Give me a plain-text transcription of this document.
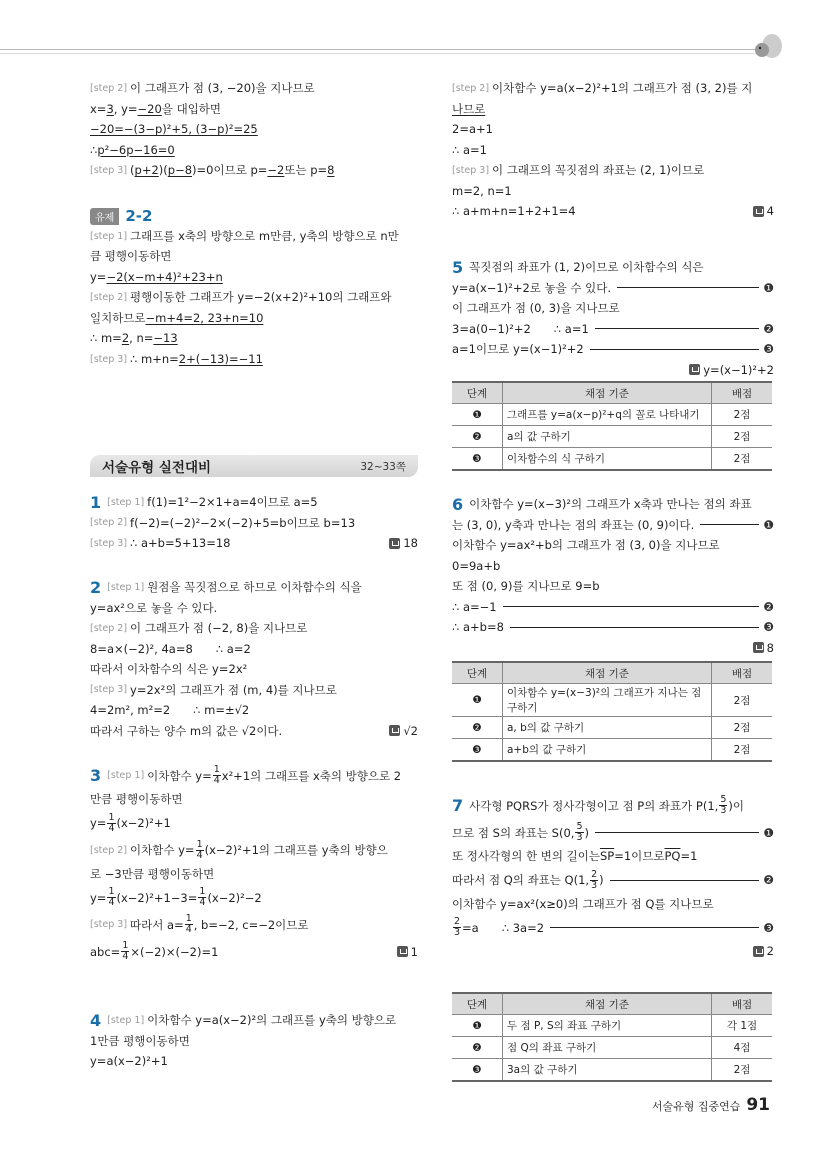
[step 2] 이 그래프가 점 (3, −20)을 지나므로
x= 3 , y= −20 을 대입하면
−20=−(3−p)²+5, (3−p)²=25
∴ p²−6p−16=0
[step 3] ( p+2 )( p−8 )=0이므로 p= −2 또는 p= 8
유제 2-2
[step 1] 그래프를 x축의 방향으로 m만큼, y축의 방향으로 n만
큼 평행이동하면
y= −2(x−m+4)²+23+n
[step 2] 평행이동한 그래프가 y=−2(x+2)²+10의 그래프와
일치하므로 −m+4=2, 23+n=10
∴ m= 2 , n= −13
[step 3] ∴ m+n= 2+(−13)=−11
서술유형 실전대비	32~33쪽
1 [step 1] f(1)=1²−2×1+a=4이므로 a=5
[step 2] f(−2)=(−2)²−2×(−2)+5=b이므로 b=13
[step 3] ∴ a+b=5+13=18	18
2 [step 1] 원점을 꼭짓점으로 하므로 이차함수의 식을
y=ax²으로 놓을 수 있다.
[step 2] 이 그래프가 점 (−2, 8)을 지나므로
8=a×(−2)², 4a=8　　∴ a=2
따라서 이차함수의 식은 y=2x²
[step 3] y=2x²의 그래프가 점 (m, 4)를 지나므로
4=2m², m²=2　　∴ m=±√2
따라서 구하는 양수 m의 값은 √2이다.	√2
3 [step 1] 이차함수 $y= \frac{1}{4} x^2+1$의 그래프를 x축의 방향으로 2
만큼 평행이동하면
$y= \frac{1}{4} (x-2)^2+1$
[step 2] 이차함수 $y= \frac{1}{4} (x-2)^2+1$의 그래프를 y축의 방향으
로 −3만큼 평행이동하면
$y= \frac{1}{4} (x-2)^2+1-3= \frac{1}{4} (x-2)^2-2$
[step 3] 따라서 $a= \frac{1}{4}$ , b=−2, c=−2이므로
$abc= \frac{1}{4} \times(-2)\times(-2)=1$	1
4 [step 1] 이차함수 y=a(x−2)²의 그래프를 y축의 방향으로
1만큼 평행이동하면
y=a(x−2)²+1
[step 2] 이차함수 y=a(x−2)²+1의 그래프가 점 (3, 2)를 지
나므로
2=a+1
∴ a=1
[step 3] 이 그래프의 꼭짓점의 좌표는 (2, 1)이므로
m=2, n=1
∴ a+m+n=1+2+1=4	4
5 꼭짓점의 좌표가 (1, 2)이므로 이차함수의 식은
y=a(x−1)²+2로 놓을 수 있다.	❶
이 그래프가 점 (0, 3)을 지나므로
3=a(0−1)²+2　　∴ a=1	❷
a=1이므로 y=(x−1)²+2	❸
y=(x−1)²+2
단계	채점 기준	배점
❶	그래프를 y=a(x−p)²+q의 꼴로 나타내기	2점
❷	a의 값 구하기	2점
❸	이차함수의 식 구하기	2점
6 이차함수 y=(x−3)²의 그래프가 x축과 만나는 점의 좌표
는 (3, 0), y축과 만나는 점의 좌표는 (0, 9)이다.	❶
이차함수 y=ax²+b의 그래프가 점 (3, 0)을 지나므로
0=9a+b
또 점 (0, 9)를 지나므로 9=b
∴ a=−1	❷
∴ a+b=8	❸
8
단계	채점 기준	배점
❶	이차함수 y=(x−3)²의 그래프가 지나는 점 구하기	2점
❷	a, b의 값 구하기	2점
❸	a+b의 값 구하기	2점
7 사각형 PQRS가 정사각형이고 점 P의 좌표가 P(1, $\frac{5}{3}$ )이
므로 점 S의 좌표는 S(0, $\frac{5}{3}$ )	❶
또 정사각형의 한 변의 길이는 $\overline{SP} =1$이므로 $\overline{PQ} =1$
따라서 점 Q의 좌표는 Q(1, $\frac{2}{3}$ )	❷
이차함수 y=ax²(x≥0)의 그래프가 점 Q를 지나므로
$\frac{2}{3} =a$　　∴ 3a=2	❸
2
단계	채점 기준	배점
❶	두 점 P, S의 좌표 구하기	각 1점
❷	점 Q의 좌표 구하기	4점
❸	3a의 값 구하기	2점
서술유형 집중연습 91
